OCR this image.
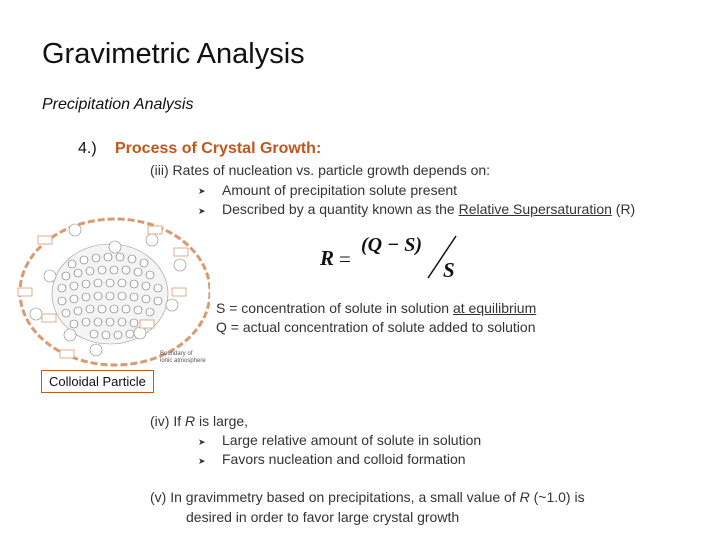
Gravimetric Analysis
Precipitation Analysis
4.) Process of Crystal Growth:
(iii) Rates of nucleation vs. particle growth depends on:
➤ Amount of precipitation solute present
➤ Described by a quantity known as the Relative Supersaturation (R)
R =
(Q − S)
S
S = concentration of solute in solution at equilibrium
Q = actual concentration of solute added to solution
Boundary of
ionic atmosphere
Colloidal Particle
(iv) If R is large,
➤ Large relative amount of solute in solution
➤ Favors nucleation and colloid formation
(v) In gravimmetry based on precipitations, a small value of R (~1.0) is
desired in order to favor large crystal growth
